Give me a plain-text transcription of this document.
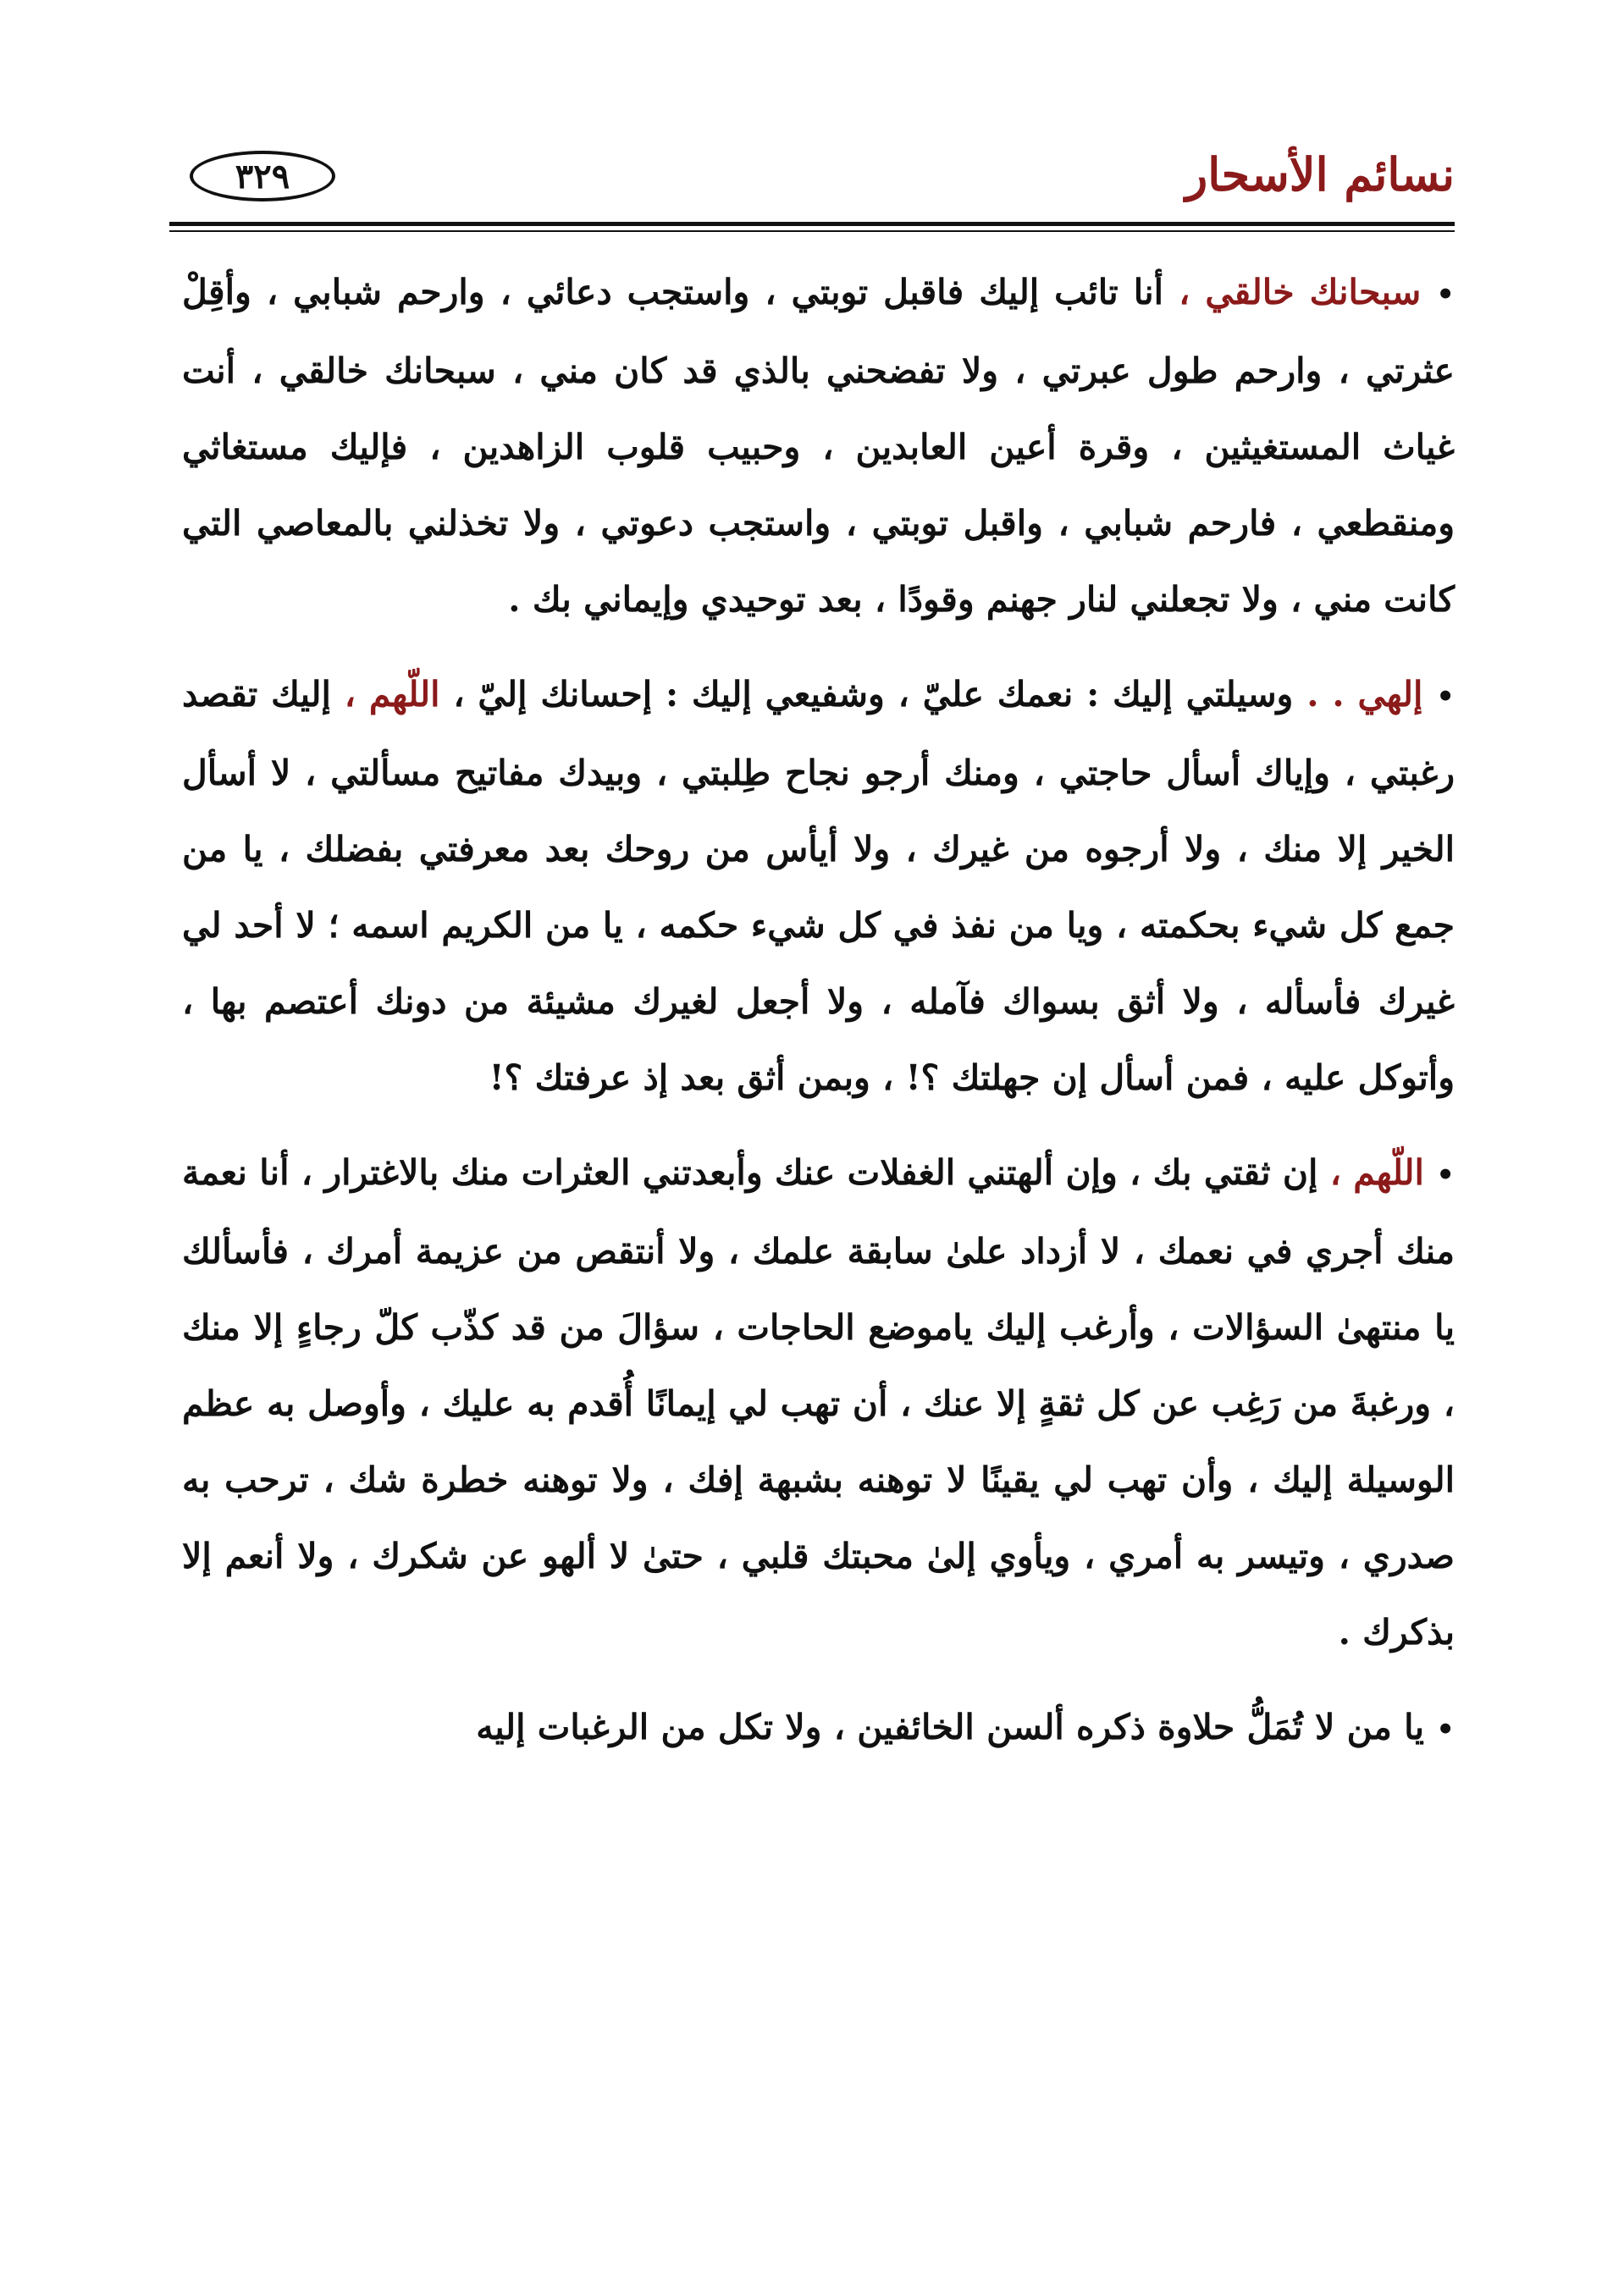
٣٢٩	نسائم الأسحار

• سبحانك خالقي ، أنا تائب إليك فاقبل توبتي ، واستجب دعائي ، وارحم شبابي ، وأقِلْ عثرتي ، وارحم طول عبرتي ، ولا تفضحني بالذي قد كان مني ، سبحانك خالقي ، أنت غياث المستغيثين ، وقرة أعين العابدين ، وحبيب قلوب الزاهدين ، فإليك مستغاثي ومنقطعي ، فارحم شبابي ، واقبل توبتي ، واستجب دعوتي ، ولا تخذلني بالمعاصي التي كانت مني ، ولا تجعلني لنار جهنم وقودًا ، بعد توحيدي وإيماني بك .

• إلهي . . وسيلتي إليك : نعمك عليّ ، وشفيعي إليك : إحسانك إليّ ، اللّهم ، إليك تقصد رغبتي ، وإياك أسأل حاجتي ، ومنك أرجو نجاح طِلبتي ، وبيدك مفاتيح مسألتي ، لا أسأل الخير إلا منك ، ولا أرجوه من غيرك ، ولا أيأس من روحك بعد معرفتي بفضلك ، يا من جمع كل شيء بحكمته ، ويا من نفذ في كل شيء حكمه ، يا من الكريم اسمه ؛ لا أحد لي غيرك فأسأله ، ولا أثق بسواك فآمله ، ولا أجعل لغيرك مشيئة من دونك أعتصم بها ، وأتوكل عليه ، فمن أسأل إن جهلتك ؟! ، وبمن أثق بعد إذ عرفتك ؟!

• اللّهم ، إن ثقتي بك ، وإن ألهتني الغفلات عنك وأبعدتني العثرات منك بالاغترار ، أنا نعمة منك أجري في نعمك ، لا أزداد علىٰ سابقة علمك ، ولا أنتقص من عزيمة أمرك ، فأسألك يا منتهىٰ السؤالات ، وأرغب إليك ياموضع الحاجات ، سؤالَ من قد كذّب كلّ رجاءٍ إلا منك ، ورغبةَ من رَغِب عن كل ثقةٍ إلا عنك ، أن تهب لي إيمانًا أُقدم به عليك ، وأوصل به عظم الوسيلة إليك ، وأن تهب لي يقينًا لا توهنه بشبهة إفك ، ولا توهنه خطرة شك ، ترحب به صدري ، وتيسر به أمري ، ويأوي إلىٰ محبتك قلبي ، حتىٰ لا ألهو عن شكرك ، ولا أنعم إلا بذكرك .

• يا من لا تُمَلُّ حلاوة ذكره ألسن الخائفين ، ولا تكل من الرغبات إليه
